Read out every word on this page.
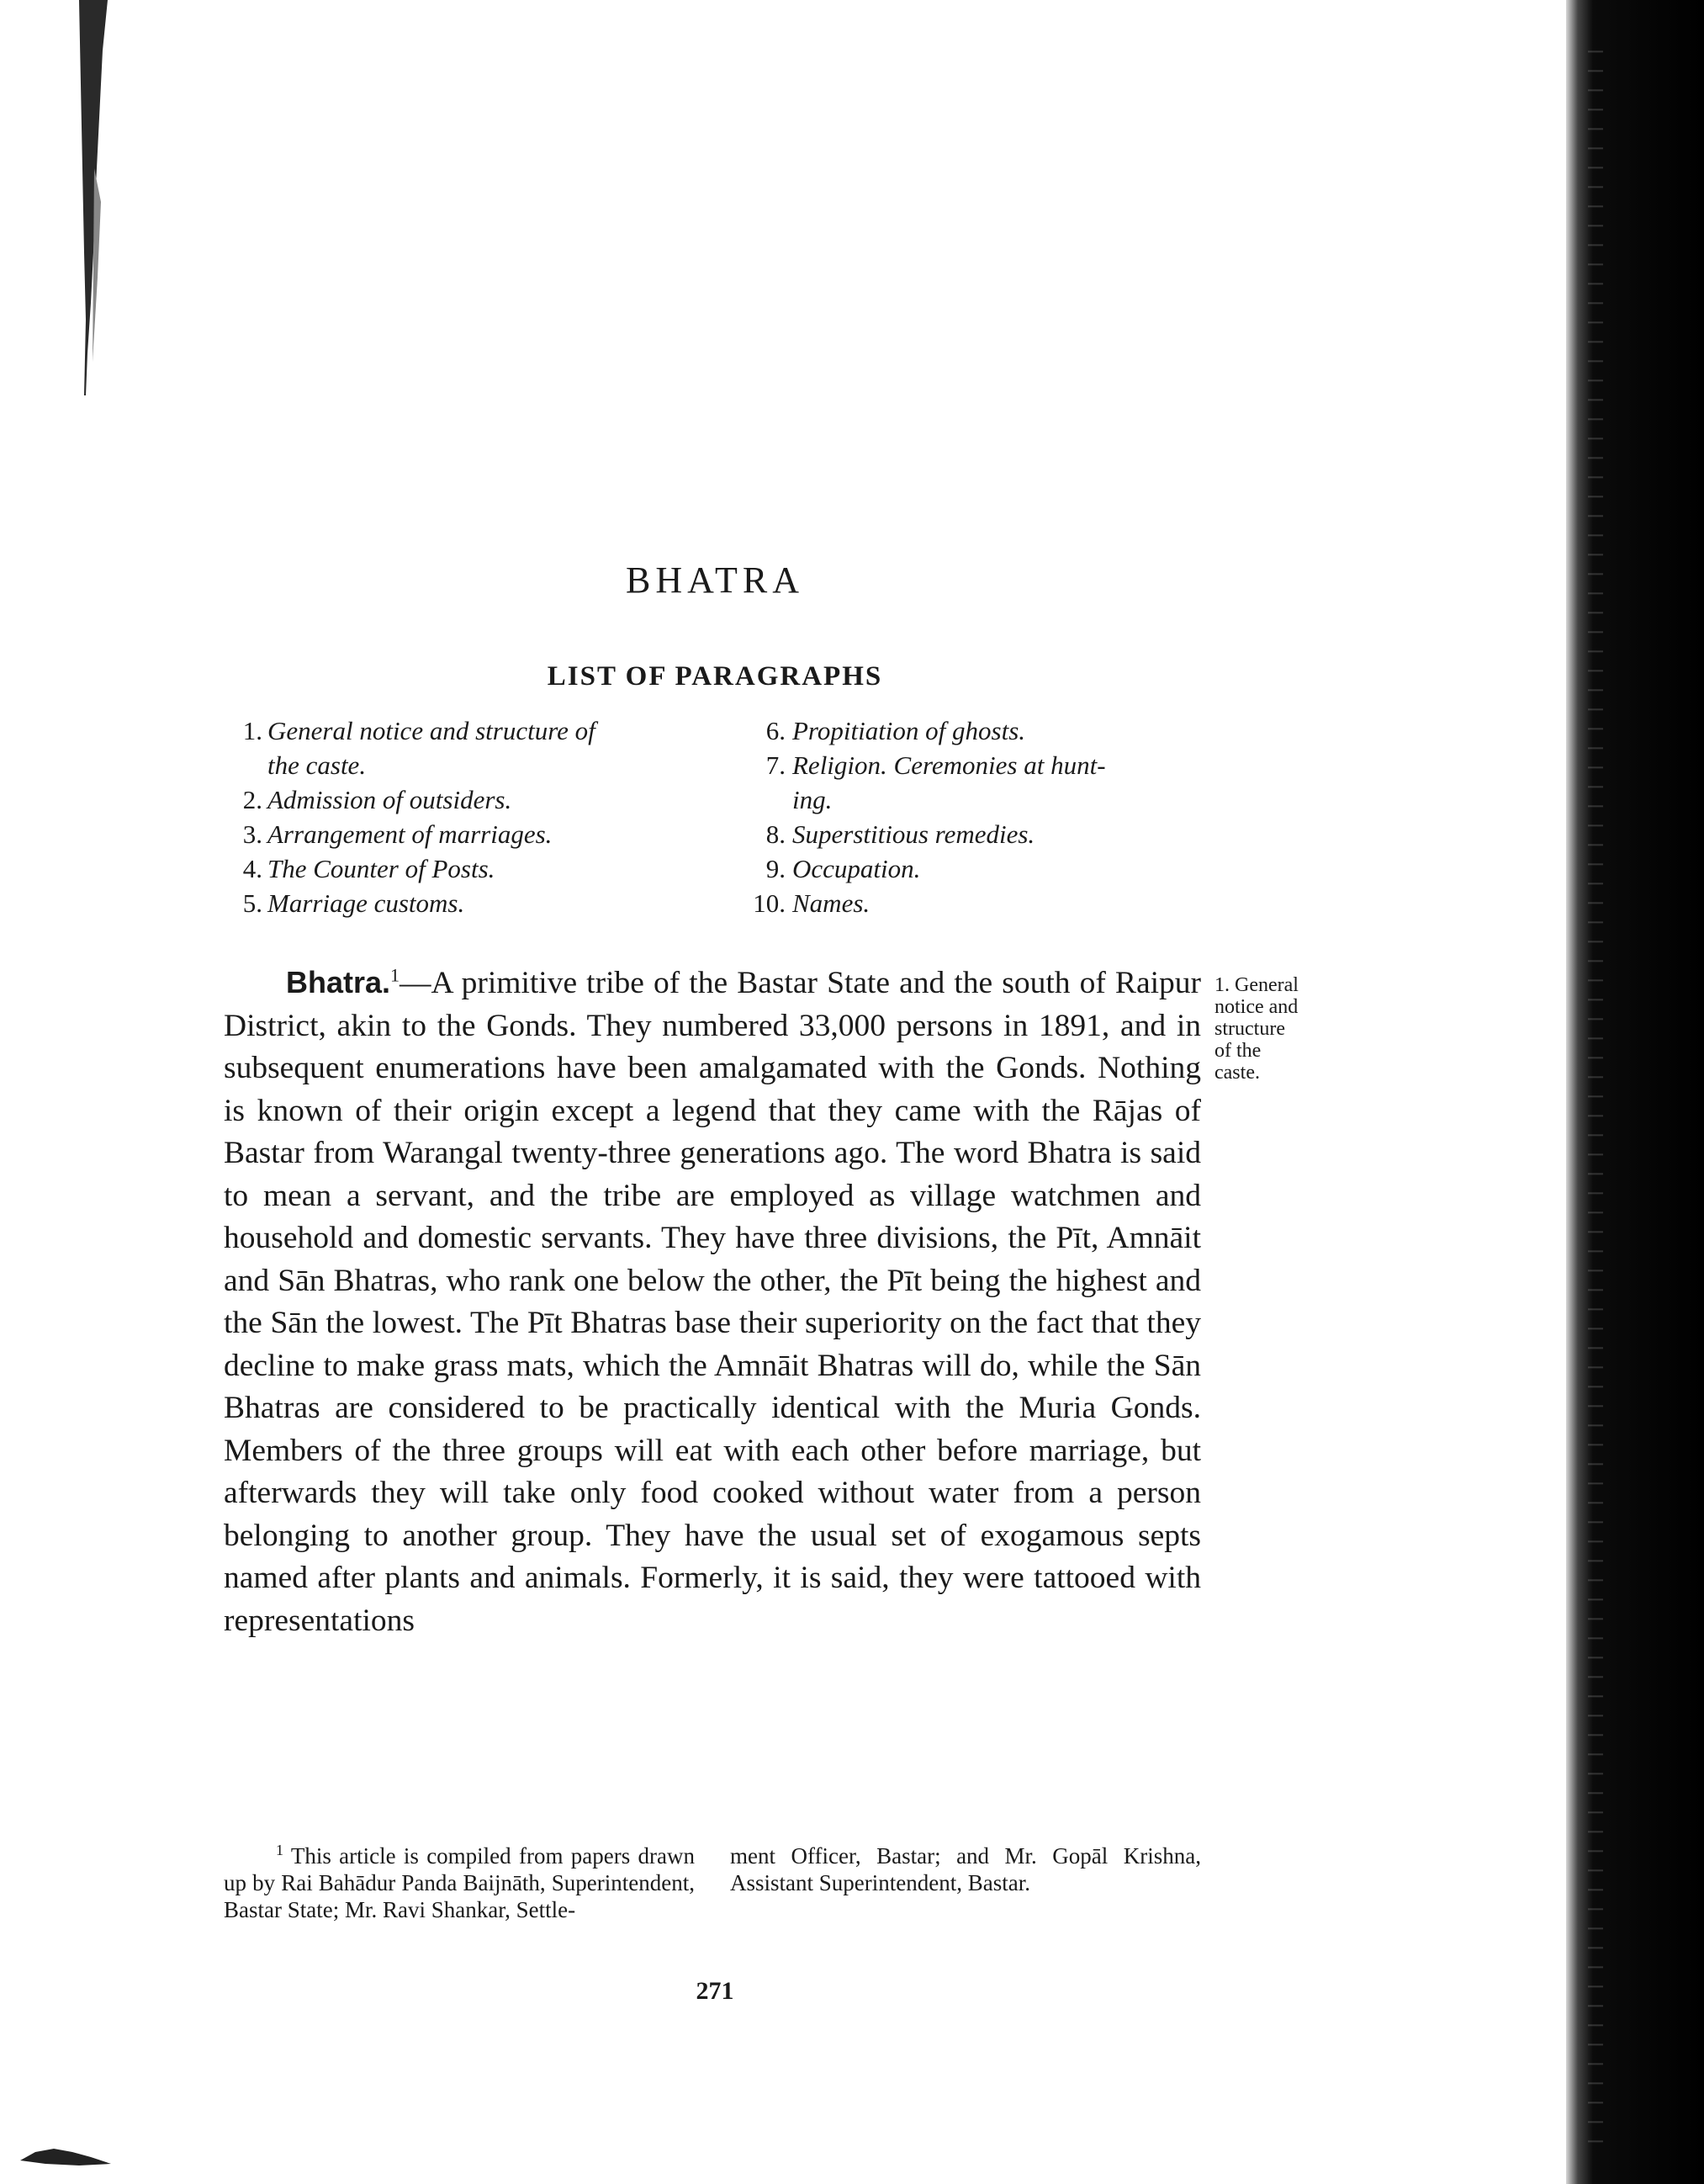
BHATRA
LIST OF PARAGRAPHS
1. General notice and structure of
the caste.
2. Admission of outsiders.
3. Arrangement of marriages.
4. The Counter of Posts.
5. Marriage customs.
6. Propitiation of ghosts.
7. Religion. Ceremonies at hunt-
ing.
8. Superstitious remedies.
9. Occupation.
10. Names.

Bhatra.$^1$—A primitive tribe of the Bastar State and the south of Raipur District, akin to the Gonds. They numbered 33,000 persons in 1891, and in subsequent enumerations have been amalgamated with the Gonds. Nothing is known of their origin except a legend that they came with the Rājas of Bastar from Warangal twenty-three generations ago. The word Bhatra is said to mean a servant, and the tribe are employed as village watchmen and household and domestic servants. They have three divisions, the Pīt, Amnāit and Sān Bhatras, who rank one below the other, the Pīt being the highest and the Sān the lowest. The Pīt Bhatras base their superiority on the fact that they decline to make grass mats, which the Amnāit Bhatras will do, while the Sān Bhatras are considered to be practically identical with the Muria Gonds. Members of the three groups will eat with each other before marriage, but afterwards they will take only food cooked without water from a person belonging to another group. They have the usual set of exogamous septs named after plants and animals. Formerly, it is said, they were tattooed with representations

1. General
notice and
structure
of the
caste.

$^1$ This article is compiled from papers drawn up by Rai Bahādur Panda Baijnāth, Superintendent, Bastar State; Mr. Ravi Shankar, Settle-
ment Officer, Bastar; and Mr. Gopāl Krishna, Assistant Superintendent, Bastar.
271
